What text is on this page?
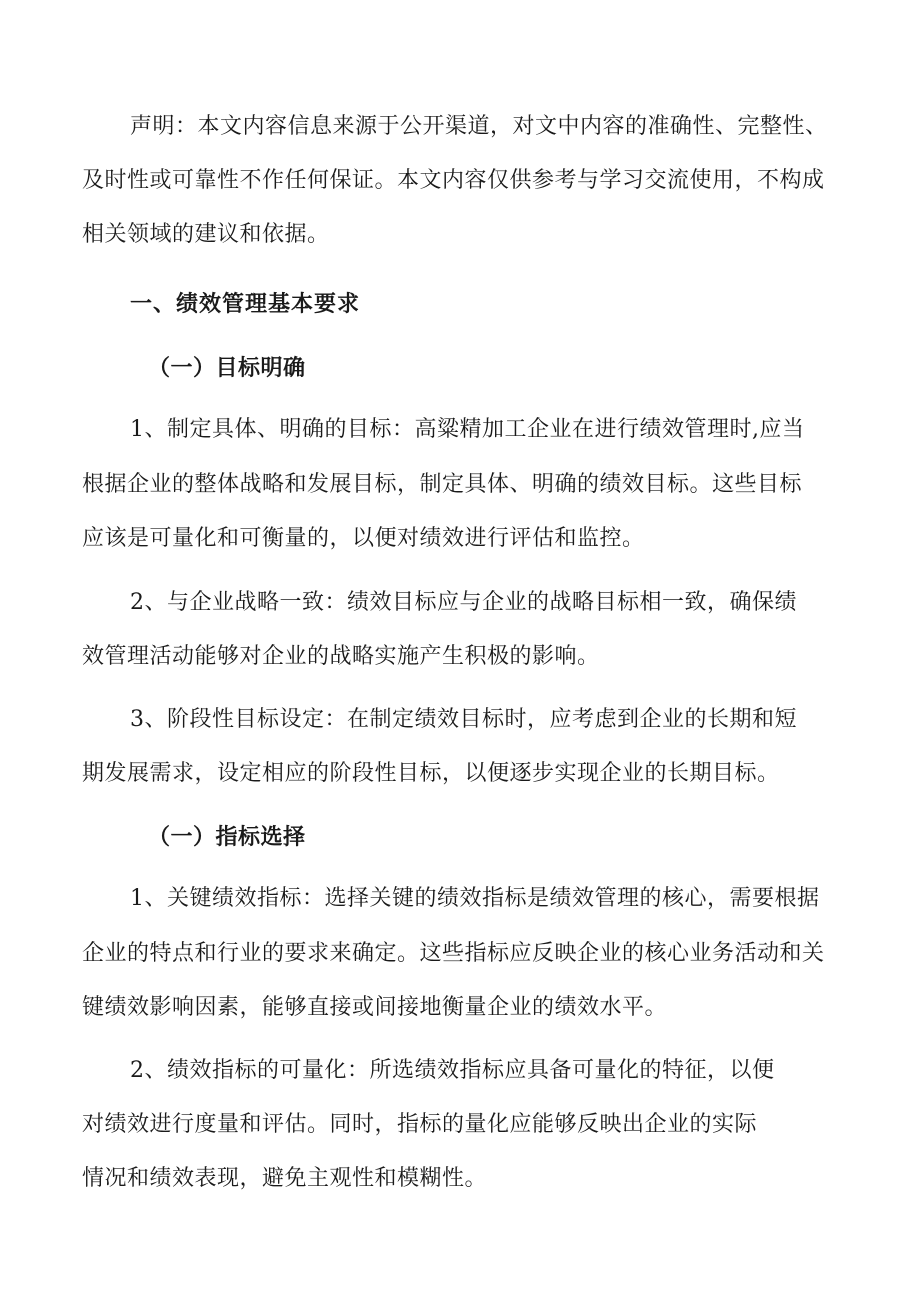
声明：本文内容信息来源于公开渠道，对文中内容的准确性、完整性、

及时性或可靠性不作任何保证。本文内容仅供参考与学习交流使用，不构成

相关领域的建议和依据。

一、绩效管理基本要求
（一）目标明确

1、制定具体、明确的目标：高粱精加工企业在进行绩效管理时,应当

根据企业的整体战略和发展目标，制定具体、明确的绩效目标。这些目标

应该是可量化和可衡量的，以便对绩效进行评估和监控。

2、与企业战略一致：绩效目标应与企业的战略目标相一致，确保绩

效管理活动能够对企业的战略实施产生积极的影响。

3、阶段性目标设定：在制定绩效目标时，应考虑到企业的长期和短

期发展需求，设定相应的阶段性目标，以便逐步实现企业的长期目标。

（一）指标选择

1、关键绩效指标：选择关键的绩效指标是绩效管理的核心，需要根据

企业的特点和行业的要求来确定。这些指标应反映企业的核心业务活动和关

键绩效影响因素，能够直接或间接地衡量企业的绩效水平。

2、绩效指标的可量化：所选绩效指标应具备可量化的特征，以便

对绩效进行度量和评估。同时，指标的量化应能够反映出企业的实际

情况和绩效表现，避免主观性和模糊性。
